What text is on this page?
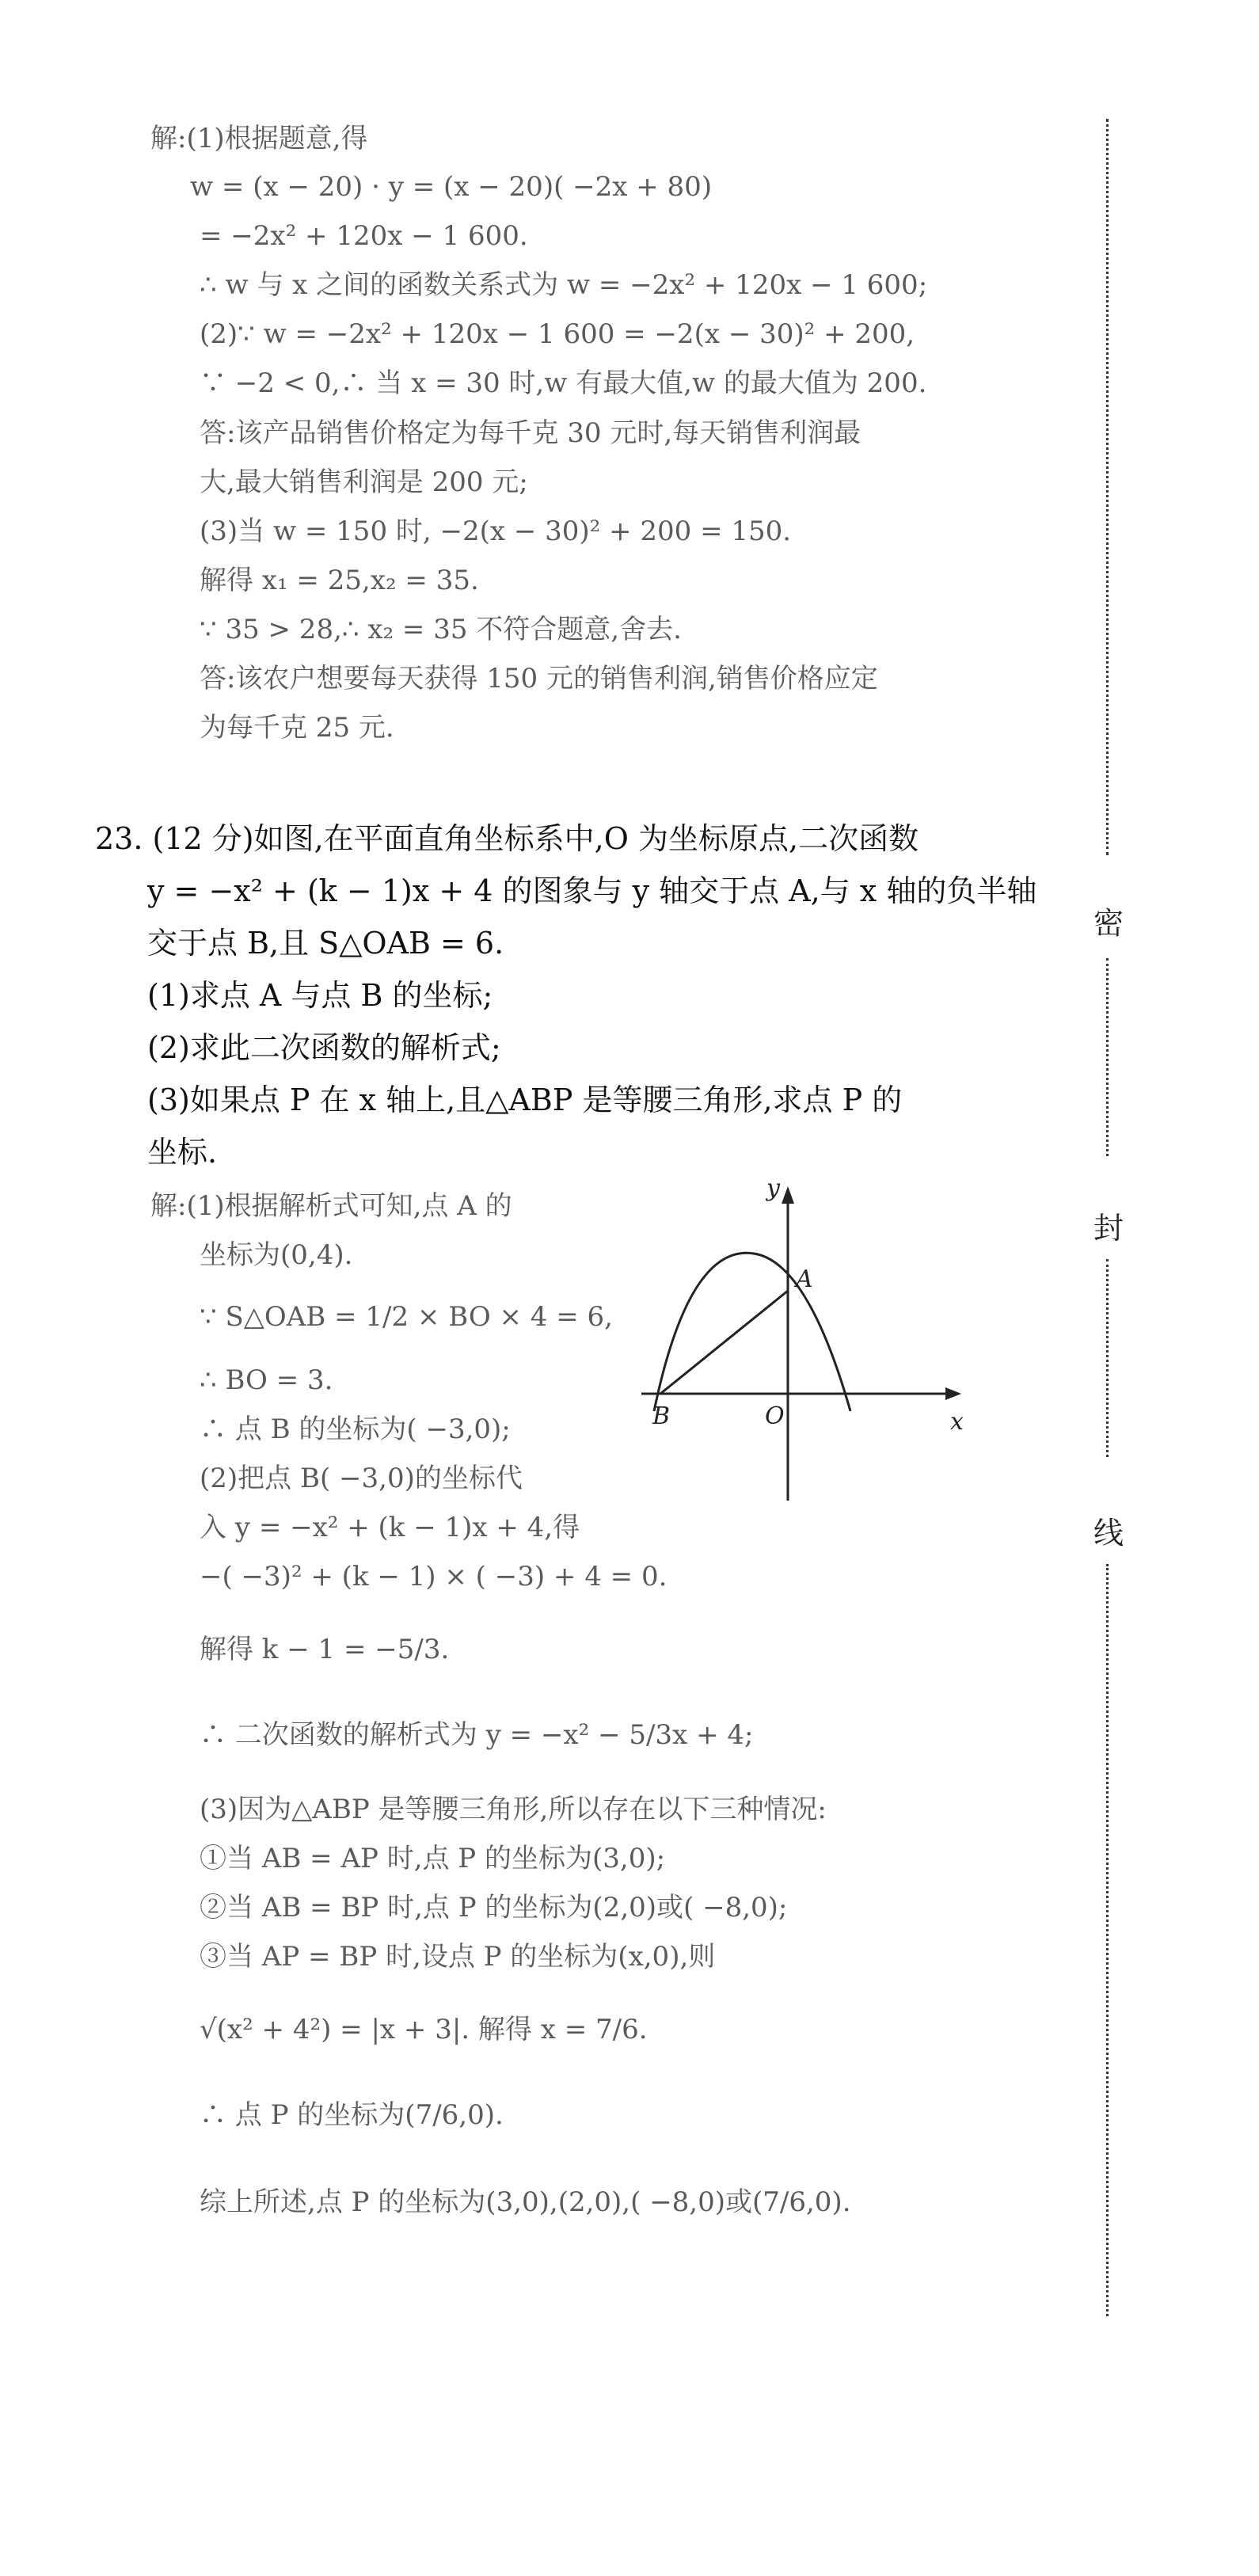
解:(1)根据题意,得
w = (x − 20) · y = (x − 20)( −2x + 80)
= −2x² + 120x − 1 600.
∴ w 与 x 之间的函数关系式为 w = −2x² + 120x − 1 600;
(2)∵ w = −2x² + 120x − 1 600 = −2(x − 30)² + 200,
∵ −2 < 0,∴ 当 x = 30 时,w 有最大值,w 的最大值为 200.
答:该产品销售价格定为每千克 30 元时,每天销售利润最
大,最大销售利润是 200 元;
(3)当 w = 150 时, −2(x − 30)² + 200 = 150.
解得 x₁ = 25,x₂ = 35.
∵ 35 > 28,∴ x₂ = 35 不符合题意,舍去.
答:该农户想要每天获得 150 元的销售利润,销售价格应定
为每千克 25 元.
23. (12 分)如图,在平面直角坐标系中,O 为坐标原点,二次函数
y = −x² + (k − 1)x + 4 的图象与 y 轴交于点 A,与 x 轴的负半轴
交于点 B,且 S△OAB = 6.
(1)求点 A 与点 B 的坐标;
(2)求此二次函数的解析式;
(3)如果点 P 在 x 轴上,且△ABP 是等腰三角形,求点 P 的
坐标.
解:(1)根据解析式可知,点 A 的
坐标为(0,4).
∵ S△OAB = 1/2 × BO × 4 = 6,
∴ BO = 3.
∴ 点 B 的坐标为( −3,0);
(2)把点 B( −3,0)的坐标代
入 y = −x² + (k − 1)x + 4,得
−( −3)² + (k − 1) × ( −3) + 4 = 0.
解得 k − 1 = −5/3.
∴ 二次函数的解析式为 y = −x² − 5/3x + 4;
(3)因为△ABP 是等腰三角形,所以存在以下三种情况:
①当 AB = AP 时,点 P 的坐标为(3,0);
②当 AB = BP 时,点 P 的坐标为(2,0)或( −8,0);
③当 AP = BP 时,设点 P 的坐标为(x,0),则
√(x² + 4²) = |x + 3|. 解得 x = 7/6.
∴ 点 P 的坐标为(7/6,0).
综上所述,点 P 的坐标为(3,0),(2,0),( −8,0)或(7/6,0).
y
x
A
B	O
密
封
线
